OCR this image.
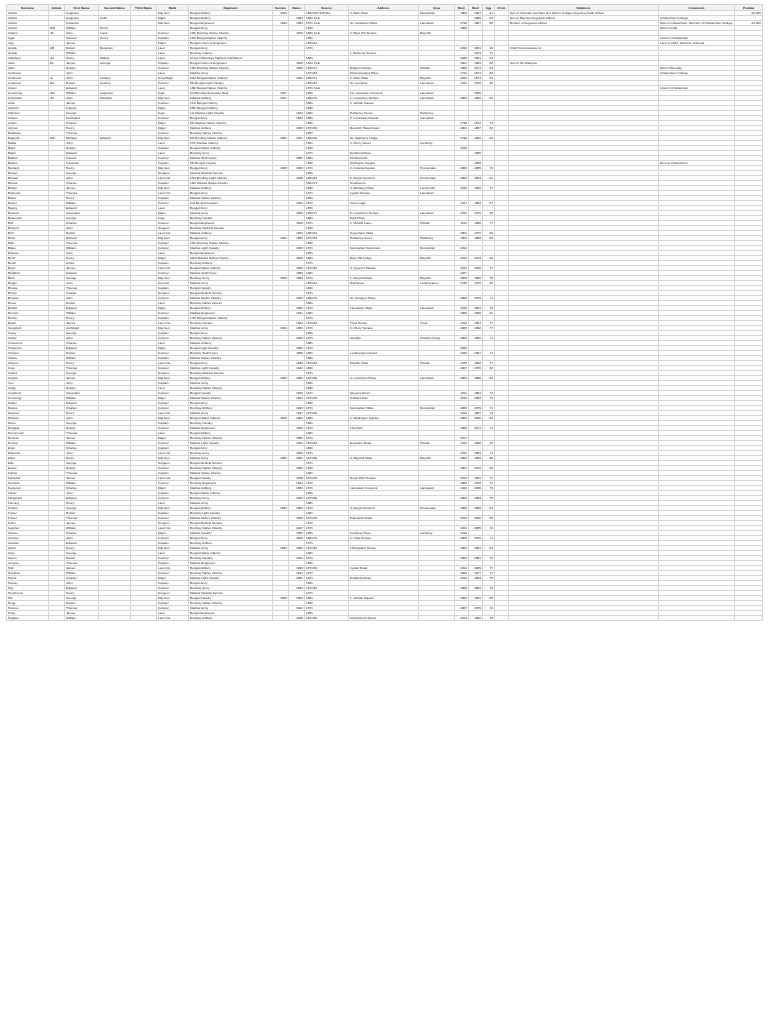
Surname	Initials	First Name	Second Name	Third Name	Rank	Regiment	Service	Dates	Source	Address	Area	Born	Died	Age	From	Relations	Comments	Probate
Abbott		Augustus			Maj Gen	Bengal Artillery	1825		1851/61/71/81/91	3, Bath Villas	Montpellier	1806	1867	61		Son of Calcutta merchant and Father of Major Augustus Keith Abbott		£9,000
Abbott		Augustus	Keith		Major	Bengal Artillery		1862	1891 CLE				1886	63		Son of Maj Gen Augustus Abbott	Cheltenham College	
Abbott		Frederick			Maj Gen	Bengal Engineers	1823	1861	1871 CLE	St. Lansdown Place	Lansdown	1798	1867	68		Brother of Augustus Abbott	Died in Cheltenham; Member of Cheltenham College	£4,000
Abbott	WN	William	Henry			Bengal Army			1861			1800					Died in India	
Adams	JD	John	Louis		Colonel	10th Bombay Native Infantry		1819	1881 CLE	2, Bays Hill Terrace	Bayshill							
Agar		Samuel	Henry		Captain	14th Bengal Native Infantry			1851								Lived in Cheltenham	
Agg		James			Major	Bengal Corps of Engineers			1851/61								Land in 1823; Warwick, Calcutta	
Ainslie	AB	Robert	Benjamin		Lieut	Bengal Army			1871			1816	1861	46		Chief Commissioner of		
Ainslie		William			Lieut	Bombay Infantry				1, Bellevue Terrace			1913	72				
Allardyce	JG	Henry	Walker		Lieut	Corps of Bombay Sappers and Miners			1881			1839	1851	23				
Allen	DL	James	George		Captain	Bengal Corps of Engineers		1835	1841 CLE			1801	1883	83		Son of Sir Allardyce		
Allen		Robert			Colonel	15th Bombay Native Infantry		1849	1861/71	Edgerton Road	Pittville	1806	1871	63			Died in Bombay	
Anderson		John			Lieut	Madras Army			1871/81	Westmoreland Place		1791	1874	83			Cheltenham College	
Anderson	JL	John	Lindsey		Surg Major	23rd Bengal Native Infantry		1822	1861/71	2, Park Villas	Bayshill	1810	1874	63				
Anderson	RA	Robert	Andrew		Colonel	8th Bengal Light Cavalry			1851/61	St. Leonards	Lansdown	1812	1878	66				
Anson		Edward			Lieut	18th Bengal Native Infantry			1871 CLE								Lived in Cheltenham	
Armstrong	WA	William	Augustus		Capt	3rd Bombay European Regt	1827		1861	10, Lansdown Crescent	Lansdown		1865					
Anstruther	JH	John	Hamilton		Maj Gen	Madras Artillery	1817		1861/71	1, Lansdown Terrace	Lansdown	1800	1882	82				
Ashe		James			Colonel	21st Bengal Infantry			1881	3, Suffolk Square								
Ashurst		Francis			Major	55th Bengal Infantry			1881									
Atkinson		George			Capt	1st Madras Light Cavalry		1844	1861	Hatherley House	Hatherley							
Austen		Ferdinand			Colonel	Bengal Army		1852	1881	3, Lansdown Parade	Lansdown							
Austin		Charles			Major	6th Madras Native Infantry			1861			1798	1872	74				
Aylmer		Henry			Major	Madras Artillery		1840	1871/81	Rosehill, Hales Road		1804	1887	83				
Baddeley		Thomas			Colonel	Bombay Native Infantry			1851									
Bagnold	MD	Michael	Edward		Maj Gen	8th Bombay Native Infantry	1821	1847	1851/61	St. Stephen's Lodge		1799	1862	63				
Baillie		John			Lieut	27th Madras Infantry			1851	4, Priory Street	Cambray							
Baird		Robert			Captain	Bengal Native Infantry			1861			1818						
Baker		Edward			Lieut	Bombay Army			1871	Sandford Place			1895					
Balfour		Francis			Colonel	Madras Staff Corps		1857	1881	Christchurch								
Barlow		Frederick			Captain	9th Bengal Cavalry			1881	Wellington Square			1889				Born at Cheltenham	
Barnard		Henry			Maj Gen	Bengal Army	1825	1863	1871	2, Imperial Square	Promenade	1806	1885	79				
Barnes		George			Surgeon	Madras Medical Service			1861									
Barnett		John			Lieut Col	23rd Bombay Light Infantry		1838	1851/61	6, Royal Crescent	Promenade	1803	1864	61				
Barrett		Charles			Captain	16th Madras Native Infantry			1861/71	Southwood								
Barton		James			Maj Gen	Madras Artillery			1881	3, Berkeley Place	London Rd	1815	1892	77				
Bateman		Thomas			Lieut Col	Bengal Army			1871	Lypiatt Terrace	Lansdown							
Bates		Henry			Captain	Madras Native Infantry			1861									
Baxter		William			Colonel	2nd Bengal Fusiliers		1842	1871	Oriel Lodge		1817	1884	67				
Bayley		Edward			Lieut	Bengal Army			1851									
Beatson		Alexander			Major	Madras Army		1846	1861/71	5, Lansdown Terrace	Lansdown	1810	1875	65				
Beaumont		George			Capt	Bombay Cavalry			1881	Park Place								
Bell		Charles			Colonel	Bengal Engineers		1839	1871	2, Pittville Lawn	Pittville	1811	1888	77				
Bennett		John			Surgeon	Bombay Medical Service			1861									
Bird		Robert			Lieut Col	Madras Artillery		1834	1851/61	Sydenham Villas		1801	1870	69				
Birch		Richard			Maj Gen	Bengal Army	1822	1856	1871/81	Hatherley Court	Hatherley	1803	1889	86				
Blair		Thomas			Captain	24th Bombay Native Infantry			1861									
Blake		William			Colonel	Madras Light Cavalry		1840	1871	Montpellier Spa Road	Montpellier	1812						
Boileau		John			Lieut	Bengal Engineers			1851									
Bond		Henry			Major	32nd Madras Native Infantry		1849	1861	Bays Hill Lodge	Bayshill	1814	1873	59				
Booth		Arthur			Captain	Bombay Artillery			1871									
Boyd		James			Lieut Col	Bengal Native Infantry		1845	1871/81	4, Queen's Parade		1813	1890	77				
Bradford		Edward			Colonel	Madras Staff Corps		1859	1881			1827						
Brett		George			Maj Gen	Bombay Army	1826	1864	1871	1, Royal Parade	Bayshill	1808	1886	78				
Briggs		John			General	Madras Army			1851/61	Hall Road	Leckhampton	1785	1875	90				
Brooke		Thomas			Captain	Bengal Cavalry			1861									
Brown		Charles			Surgeon	Bengal Medical Service			1871									
Browne		John			Colonel	Madras Native Infantry		1843	1861/71	St. George's Place		1808	1879	71				
Bruce		Robert			Lieut	Bombay Native Infantry			1881									
Buckle		Edward			Major	Bengal Artillery		1850	1871	Lansdown Villas	Lansdown	1818	1893	75				
Burnett		William			Colonel	Madras Engineers		1841	1861			1806	1868	62				
Burton		Henry			Captain	17th Bengal Native Infantry			1871									
Butler		James			Lieut Col	Bombay Cavalry		1846	1871/81	Tivoli House	Tivoli	1814	1891	77				
Campbell		Archibald			Maj Gen	Madras Army	1824	1860	1871	3, Priory Terrace		1805	1882	77				
Carey		George			Captain	Bengal Army			1861									
Carter		John			Colonel	Bombay Native Infantry		1844	1871	Glenfall	Charlton Kings	1809	1880	71				
Chambers		Charles			Lieut	Madras Artillery			1881									
Chapman		Edward			Major	Bengal Light Cavalry		1852	1871			1820						
Chester		Robert			Colonel	Bombay Staff Corps		1858	1881	Leckhampton Road		1826	1897	71				
Clarke		William			Captain	Madras Native Infantry			1861									
Clayton		Henry			Lieut Col	Bengal Army		1848	1871/81	Pittville Villas	Pittville	1815	1892	77				
Cole		Thomas			Colonel	Madras Light Cavalry		1842	1861			1807	1870	63				
Collins		George			Surgeon	Bombay Medical Service			1871									
Cooper		James			Maj Gen	Bengal Artillery	1823	1862	1871/81	4, Lansdown Place	Lansdown	1804	1888	84				
Cox		John			Captain	Madras Army			1861									
Craig		Robert			Lieut	Bombay Native Infantry			1881									
Crawford		Alexander			Colonel	Bengal Cavalry		1845	1871	Queen's Road		1811	1884	73				
Cumming		William			Major	Madras Native Infantry		1851	1871/81	Suffolk Lawn		1819	1893	74				
Dalton		Edward			Captain	Bengal Army			1861									
Davies		Charles			Colonel	Bombay Artillery		1843	1871	Montpellier Villas	Montpellier	1808	1879	71				
Dawson		Henry			Lieut Col	Madras Army		1847	1871/81			1813	1887	74				
Dickson		John			Maj Gen	Bengal Native Infantry	1825	1864	1881	2, Wellington Square		1806	1890	84				
Dixon		George			Captain	Bombay Cavalry			1861									
Douglas		Robert			Colonel	Madras Engineers		1840	1871	The Park		1806	1877	71				
Drummond		Thomas			Lieut	Bengal Artillery			1881									
Duncan		James			Major	Bombay Native Infantry		1850	1871			1817						
Dunlop		William			Colonel	Madras Light Cavalry		1844	1871/81	Evesham Road	Pittville	1810	1886	76				
Eden		Charles			Captain	Bengal Army			1861									
Edwards		John			Lieut Col	Bombay Army		1846	1871			1812	1883	71				
Elliot		Henry			Maj Gen	Madras Army	1822	1861	1871/81	3, Bayshill Villas	Bayshill	1803	1889	86				
Ellis		George			Surgeon	Bengal Medical Service			1871									
Evans		Robert			Colonel	Bombay Native Infantry		1842	1861			1807	1872	65				
Fairfax		Thomas			Captain	Madras Native Infantry			1881									
Farquhar		James			Lieut Col	Bengal Cavalry		1848	1871/81	Royal Well Terrace		1814	1891	77				
Fenwick		William			Colonel	Bombay Engineers		1841	1871			1806	1878	72				
Ferguson		Charles			Major	Madras Artillery		1852	1871	Lansdown Crescent	Lansdown	1820	1895	75				
Fisher		John			Captain	Bengal Native Infantry			1861									
Fitzgerald		Edward			Colonel	Bombay Army		1843	1871/81			1809	1884	75				
Fleming		Henry			Lieut	Madras Army			1881									
Forbes		George			Maj Gen	Bengal Artillery	1824	1863	1871	4, Royal Crescent	Promenade	1805	1886	81				
Foster		Robert			Captain	Bombay Light Cavalry			1861									
Fraser		Thomas			Colonel	Madras Native Infantry		1845	1871/81	Painswick Road		1810	1890	80				
Fuller		James			Surgeon	Bengal Medical Service			1871									
Gardner		William			Lieut Col	Bombay Native Infantry		1847	1871			1813	1885	72				
Gibson		Charles			Major	Madras Cavalry		1850	1881	Cambray Place	Cambray	1818						
Gordon		John			Colonel	Bengal Army		1840	1861/71	2, Oriel Terrace		1805	1876	71				
Graham		Edward			Captain	Bombay Artillery			1871									
Grant		Henry			Maj Gen	Madras Army	1823	1862	1871/81	Thirlestaine House		1804	1887	83				
Gray		George			Lieut	Bengal Native Infantry			1881									
Green		Robert			Colonel	Bombay Cavalry		1844	1871			1809	1881	72				
Gregory		Thomas			Captain	Madras Engineers			1861									
Hall		James			Lieut Col	Bengal Artillery		1846	1871/81	Lypiatt Road		1812	1889	77				
Hamilton		William			Colonel	Bombay Native Infantry		1841	1871			1806	1877	71				
Harris		Charles			Major	Madras Light Cavalry		1851	1871	Parabola Road		1819	1894	75				
Harvey		John			Captain	Bengal Army			1861									
Hay		Edward			Colonel	Bombay Army		1843	1871/81			1808	1883	75				
Henderson		Henry			Surgeon	Madras Medical Service			1871									
Hill		George			Maj Gen	Bengal Cavalry	1825	1864	1881	1, Suffolk Square		1806	1891	85				
Hogg		Robert			Captain	Bombay Native Infantry			1861									
Holmes		Thomas			Colonel	Madras Army		1842	1871			1807	1879	72				
Hope		James			Lieut	Bengal Engineers			1881									
Hughes		William			Lieut Col	Bombay Artillery		1848	1871/81	Christchurch Road		1814	1892	78				
